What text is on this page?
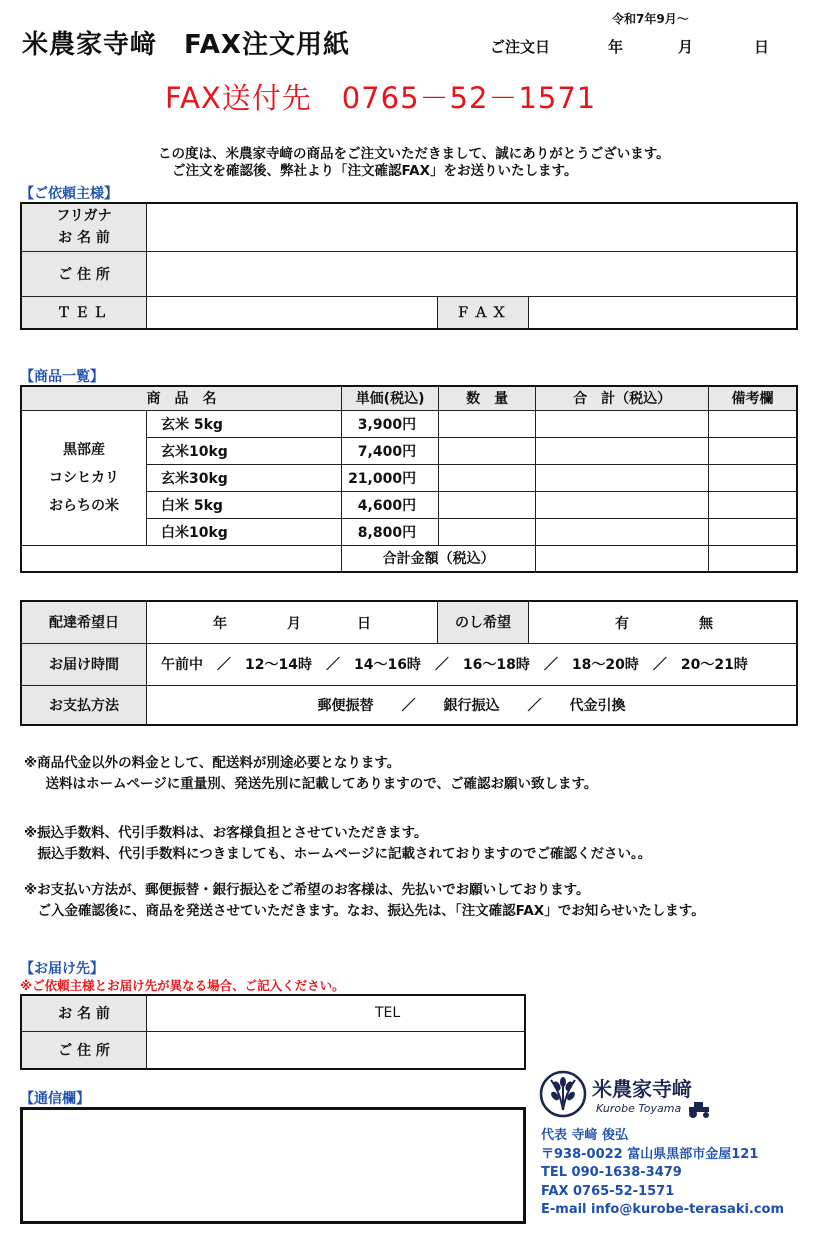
米農家寺﨑　FAX注文用紙
令和7年9月～
ご注文日	年	月	日
FAX送付先　0765－52－1571
この度は、米農家寺﨑の商品をご注文いただきまして、誠にありがとうございます。
ご注文を確認後、弊社より「注文確認FAX」をお送りいたします。
【ご依頼主様】
フリガナ
お 名 前			

ご 住 所			
ＴＥＬ		ＦＡＸ	
【商品一覧】
商　品　名		単価(税込)	数　量	合　計（税込）	備考欄

黒部産
コシヒカリ
おらちの米	玄米 5kg	3,900円			
	玄米10kg	7,400円			
	玄米30kg	21,000円			
	白米 5kg	4,600円			
	白米10kg	8,800円			
		合計金額（税込）			
配達希望日	年 月 日	のし希望	有 無

お届け時間	午前中　／　12～14時　／　14～16時　／　16～18時　／　18～20時　／　20～21時		
お支払方法	郵便振替　　／　　銀行振込　　／　　代金引換		
※商品代金以外の料金として、配送料が別途必要となります。
　送料はホームページに重量別、発送先別に記載してありますので、ご確認お願い致します。
※振込手数料、代引手数料は、お客様負担とさせていただきます。
　振込手数料、代引手数料につきましても、ホームページに記載されておりますのでご確認ください。。
※お支払い方法が、郵便振替・銀行振込をご希望のお客様は、先払いでお願いしております。
　ご入金確認後に、商品を発送させていただきます。なお、振込先は、「注文確認FAX」でお知らせいたします。
【お届け先】
※ご依頼主様とお届け先が異なる場合、ご記入ください。
お 名 前	TEL

ご 住 所	
【通信欄】	米農家寺﨑
Kurobe Toyama
代表 寺﨑 俊弘
〒938-0022 富山県黒部市金屋121
TEL 090-1638-3479
FAX 0765-52-1571
E-mail info@kurobe-terasaki.com
